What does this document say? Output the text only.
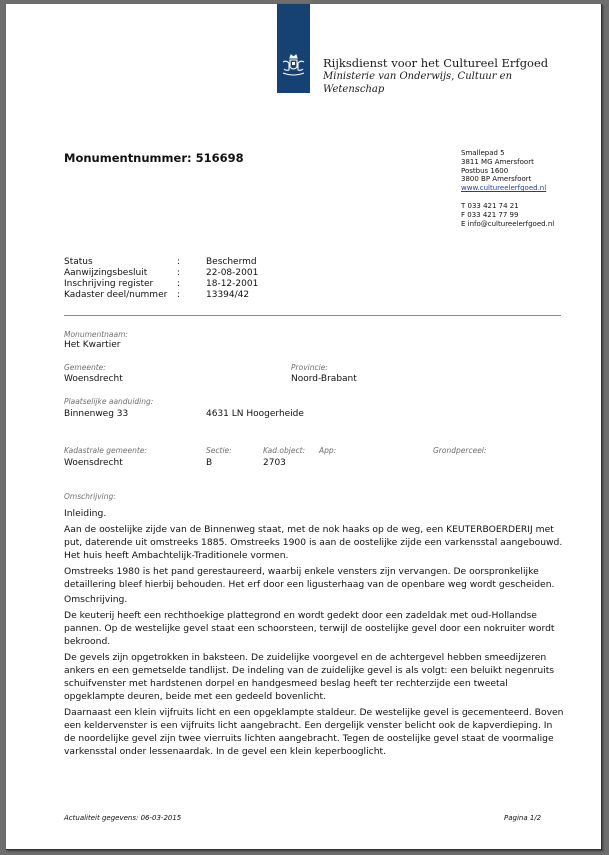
Rijksdienst voor het Cultureel Erfgoed
Ministerie van Onderwijs, Cultuur en
Wetenschap
Monumentnummer: 516698	Smallepad 5
3811 MG Amersfoort
Postbus 1600
3800 BP Amersfoort
www.cultureelerfgoed.nl
T 033 421 74 21
F 033 421 77 99
E info@cultureelerfgoed.nl
Status	:	Beschermd
Aanwijzingsbesluit	:	22-08-2001
Inschrijving register	:	18-12-2001
Kadaster deel/nummer :	13394/42
Monumentnaam:
Het Kwartier
Gemeente:
Woensdrecht
Provincie:
Noord-Brabant
Plaatselijke aanduiding:
Binnenweg 33	4631 LN Hoogerheide
Kadastrale gemeente:
Woensdrecht
Sectie:
B
Kad.object:
2703
App:	Grondperceel:
Omschrijving:

Inleiding.

Aan de oostelijke zijde van de Binnenweg staat, met de nok haaks op de weg, een KEUTERBOERDERIJ met put, daterende uit omstreeks 1885. Omstreeks 1900 is aan de oostelijke zijde een varkensstal aangebouwd. Het huis heeft Ambachtelijk-Traditionele vormen.

Omstreeks 1980 is het pand gerestaureerd, waarbij enkele vensters zijn vervangen. De oorspronkelijke detaillering bleef hierbij behouden. Het erf door een ligusterhaag van de openbare weg wordt gescheiden.

Omschrijving.

De keuterij heeft een rechthoekige plattegrond en wordt gedekt door een zadeldak met oud-Hollandse pannen. Op de westelijke gevel staat een schoorsteen, terwijl de oostelijke gevel door een nokruiter wordt bekroond.

De gevels zijn opgetrokken in baksteen. De zuidelijke voorgevel en de achtergevel hebben smeedijzeren ankers en een gemetselde tandlijst. De indeling van de zuidelijke gevel is als volgt: een beluikt negenruits schuifvenster met hardstenen dorpel en handgesmeed beslag heeft ter rechterzijde een tweetal opgeklampte deuren, beide met een gedeeld bovenlicht.

Daarnaast een klein vijfruits licht en een opgeklampte staldeur. De westelijke gevel is gecementeerd. Boven een keldervenster is een vijfruits licht aangebracht. Een dergelijk venster belicht ook de kapverdieping. In de noordelijke gevel zijn twee vierruits lichten aangebracht. Tegen de oostelijke gevel staat de voormalige varkensstal onder lessenaardak. In de gevel een klein keperbooglicht.

Actualiteit gegevens: 06-03-2015	Pagina 1/2
